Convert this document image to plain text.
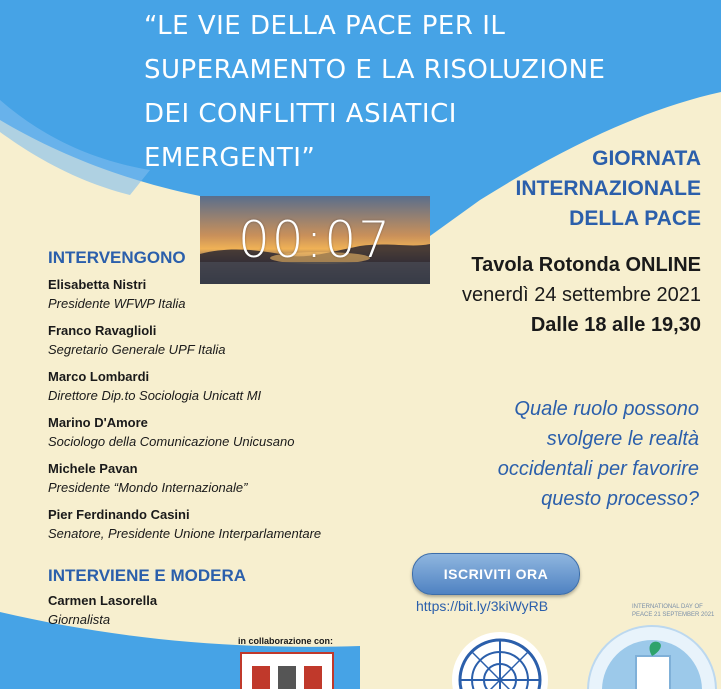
“LE VIE DELLA PACE PER IL
SUPERAMENTO E LA RISOLUZIONE
DEI CONFLITTI ASIATICI
EMERGENTI”	GIORNATA
INTERNAZIONALE
DELLA PACE
00:07	Tavola Rotonda ONLINE
venerdì 24 settembre 2021
Dalle 18 alle 19,30
Quale ruolo possono
svolgere le realtà
occidentali per favorire
questo processo?
INTERVENGONO
Elisabetta Nistri
Presidente WFWP Italia
Franco Ravaglioli
Segretario Generale UPF Italia
Marco Lombardi
Direttore Dip.to Sociologia Unicatt MI
Marino D'Amore
Sociologo della Comunicazione Unicusano
Michele Pavan
Presidente “Mondo Internazionale”
Pier Ferdinando Casini
Senatore, Presidente Unione Interparlamentare
INTERVIENE E MODERA
Carmen Lasorella
Giornalista
ISCRIVITI ORA
https://bit.ly/3kiWyRB
in collaborazione con:
INTERNATIONAL DAY OF PEACE 21 SEPTEMBER 2021
